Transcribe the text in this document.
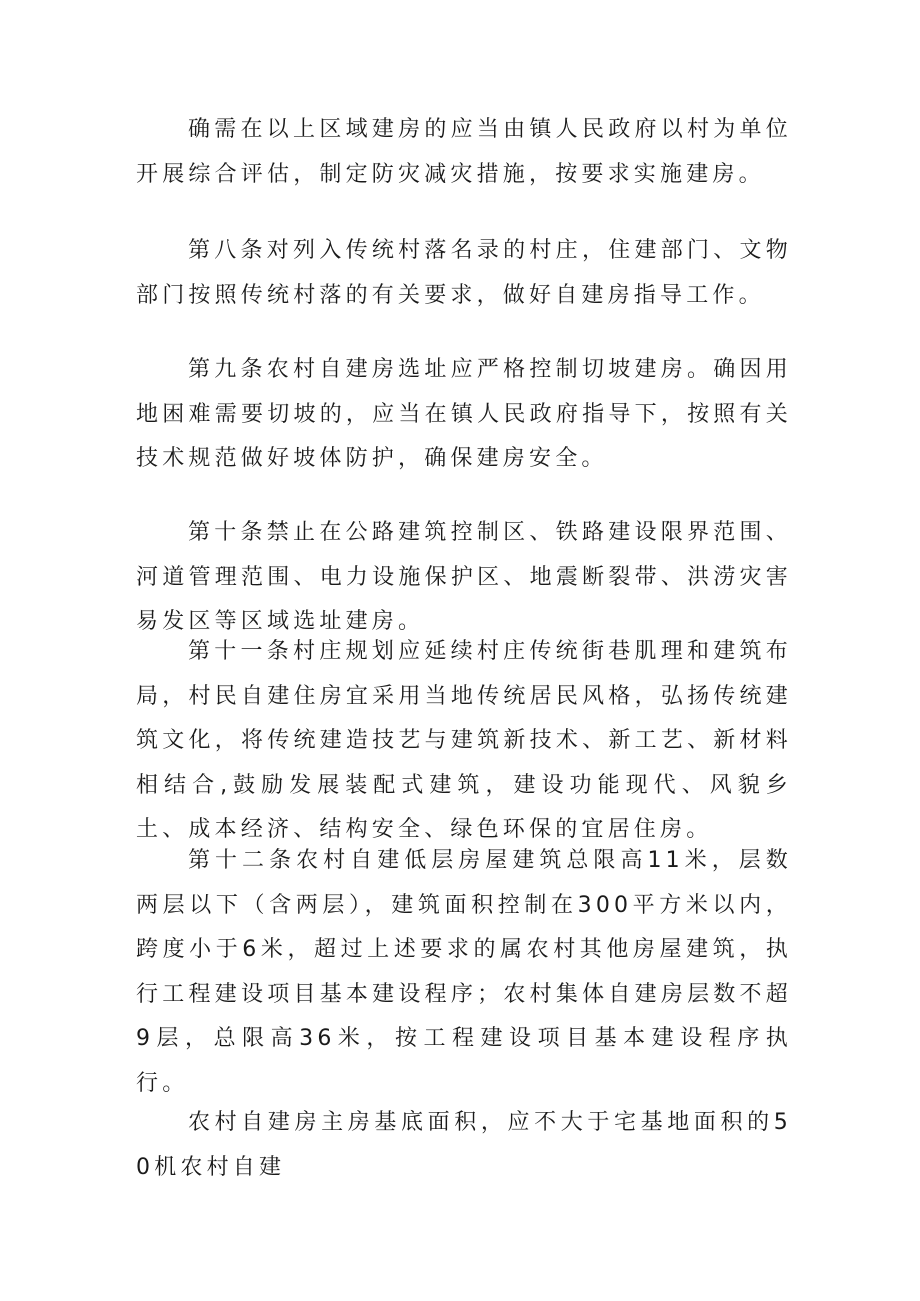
确需在以上区域建房的应当由镇人民政府以村为单位开展综合评估，制定防灾减灾措施，按要求实施建房。

第八条对列入传统村落名录的村庄，住建部门、文物部门按照传统村落的有关要求，做好自建房指导工作。

第九条农村自建房选址应严格控制切坡建房。确因用地困难需要切坡的，应当在镇人民政府指导下，按照有关技术规范做好坡体防护，确保建房安全。

第十条禁止在公路建筑控制区、铁路建设限界范围、河道管理范围、电力设施保护区、地震断裂带、洪涝灾害易发区等区域选址建房。

第十一条村庄规划应延续村庄传统街巷肌理和建筑布局，村民自建住房宜采用当地传统居民风格，弘扬传统建筑文化，将传统建造技艺与建筑新技术、新工艺、新材料相结合,鼓励发展装配式建筑，建设功能现代、风貌乡土、成本经济、结构安全、绿色环保的宜居住房。

第十二条农村自建低层房屋建筑总限高11米，层数两层以下（含两层），建筑面积控制在300平方米以内，跨度小于6米，超过上述要求的属农村其他房屋建筑，执行工程建设项目基本建设程序；农村集体自建房层数不超9层，总限高36米，按工程建设项目基本建设程序执行。

农村自建房主房基底面积，应不大于宅基地面积的50机农村自建
